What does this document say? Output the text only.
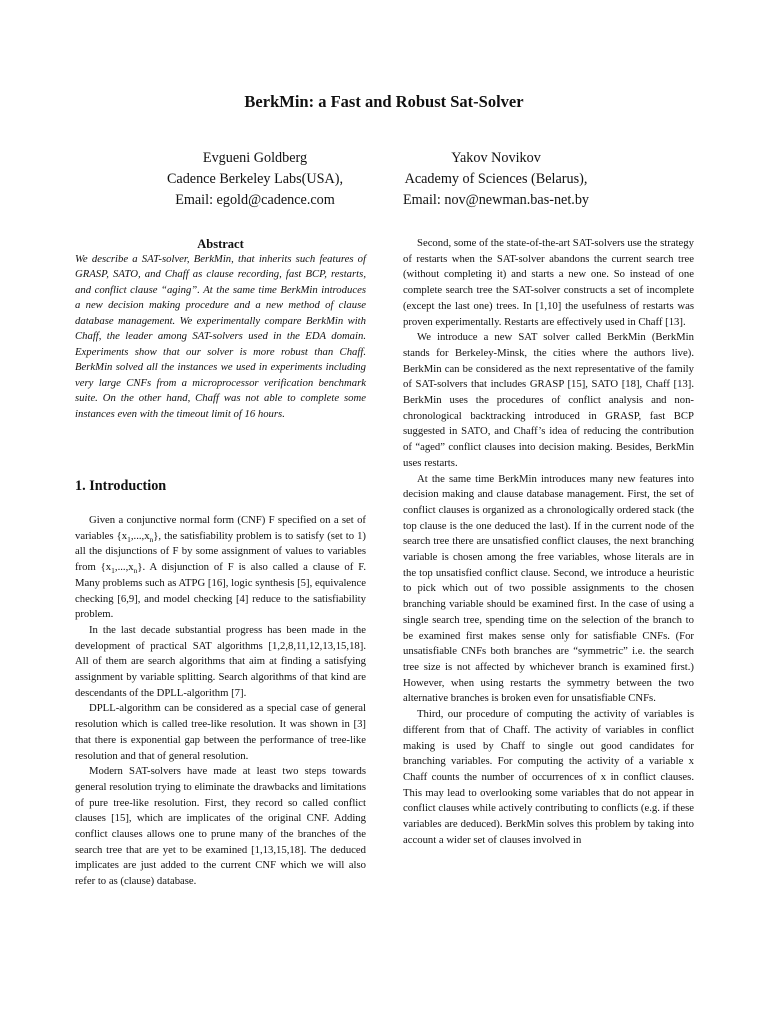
BerkMin: a Fast and Robust Sat-Solver
Evgueni Goldberg
Cadence Berkeley Labs(USA),
Email: egold@cadence.com
Yakov Novikov
Academy of Sciences (Belarus),
Email: nov@newman.bas-net.by
Abstract

We describe a SAT-solver, BerkMin, that inherits such features of GRASP, SATO, and Chaff as clause recording, fast BCP, restarts, and conflict clause “aging”. At the same time BerkMin introduces a new decision making procedure and a new method of clause database management. We experimentally compare BerkMin with Chaff, the leader among SAT-solvers used in the EDA domain. Experiments show that our solver is more robust than Chaff. BerkMin solved all the instances we used in experiments including very large CNFs from a microprocessor verification benchmark suite. On the other hand, Chaff was not able to complete some instances even with the timeout limit of 16 hours.

1. Introduction

Given a conjunctive normal form (CNF) F specified on a set of variables $\{x_1,...,x_n\}$, the satisfiability problem is to satisfy (set to 1) all the disjunctions of F by some assignment of values to variables from $\{x_1,...,x_n\}$. A disjunction of F is also called a clause of F. Many problems such as ATPG [16], logic synthesis [5], equivalence checking [6,9], and model checking [4] reduce to the satisfiability problem.

In the last decade substantial progress has been made in the development of practical SAT algorithms [1,2,8,11,12,13,15,18]. All of them are search algorithms that aim at finding a satisfying assignment by variable splitting. Search algorithms of that kind are descendants of the DPLL-algorithm [7].

DPLL-algorithm can be considered as a special case of general resolution which is called tree-like resolution. It was shown in [3] that there is exponential gap between the performance of tree-like resolution and that of general resolution.

Modern SAT-solvers have made at least two steps towards general resolution trying to eliminate the drawbacks and limitations of pure tree-like resolution. First, they record so called conflict clauses [15], which are implicates of the original CNF. Adding conflict clauses allows one to prune many of the branches of the search tree that are yet to be examined [1,13,15,18]. The deduced implicates are just added to the current CNF which we will also refer to as (clause) database.

Second, some of the state-of-the-art SAT-solvers use the strategy of restarts when the SAT-solver abandons the current search tree (without completing it) and starts a new one. So instead of one complete search tree the SAT-solver constructs a set of incomplete (except the last one) trees. In [1,10] the usefulness of restarts was proven experimentally. Restarts are effectively used in Chaff [13].

We introduce a new SAT solver called BerkMin (BerkMin stands for Berkeley-Minsk, the cities where the authors live). BerkMin can be considered as the next representative of the family of SAT-solvers that includes GRASP [15], SATO [18], Chaff [13]. BerkMin uses the procedures of conflict analysis and non-chronological backtracking introduced in GRASP, fast BCP suggested in SATO, and Chaff’s idea of reducing the contribution of “aged” conflict clauses into decision making. Besides, BerkMin uses restarts.

At the same time BerkMin introduces many new features into decision making and clause database management. First, the set of conflict clauses is organized as a chronologically ordered stack (the top clause is the one deduced the last). If in the current node of the search tree there are unsatisfied conflict clauses, the next branching variable is chosen among the free variables, whose literals are in the top unsatisfied conflict clause. Second, we introduce a heuristic to pick which out of two possible assignments to the chosen branching variable should be examined first. In the case of using a single search tree, spending time on the selection of the branch to be examined first makes sense only for satisfiable CNFs. (For unsatisfiable CNFs both branches are “symmetric” i.e. the search tree size is not affected by whichever branch is examined first.) However, when using restarts the symmetry between the two alternative branches is broken even for unsatisfiable CNFs.

Third, our procedure of computing the activity of variables is different from that of Chaff. The activity of variables in conflict making is used by Chaff to single out good candidates for branching variables. For computing the activity of a variable x Chaff counts the number of occurrences of x in conflict clauses. This may lead to overlooking some variables that do not appear in conflict clauses while actively contributing to conflicts (e.g. if these variables are deduced). BerkMin solves this problem by taking into account a wider set of clauses involved in
